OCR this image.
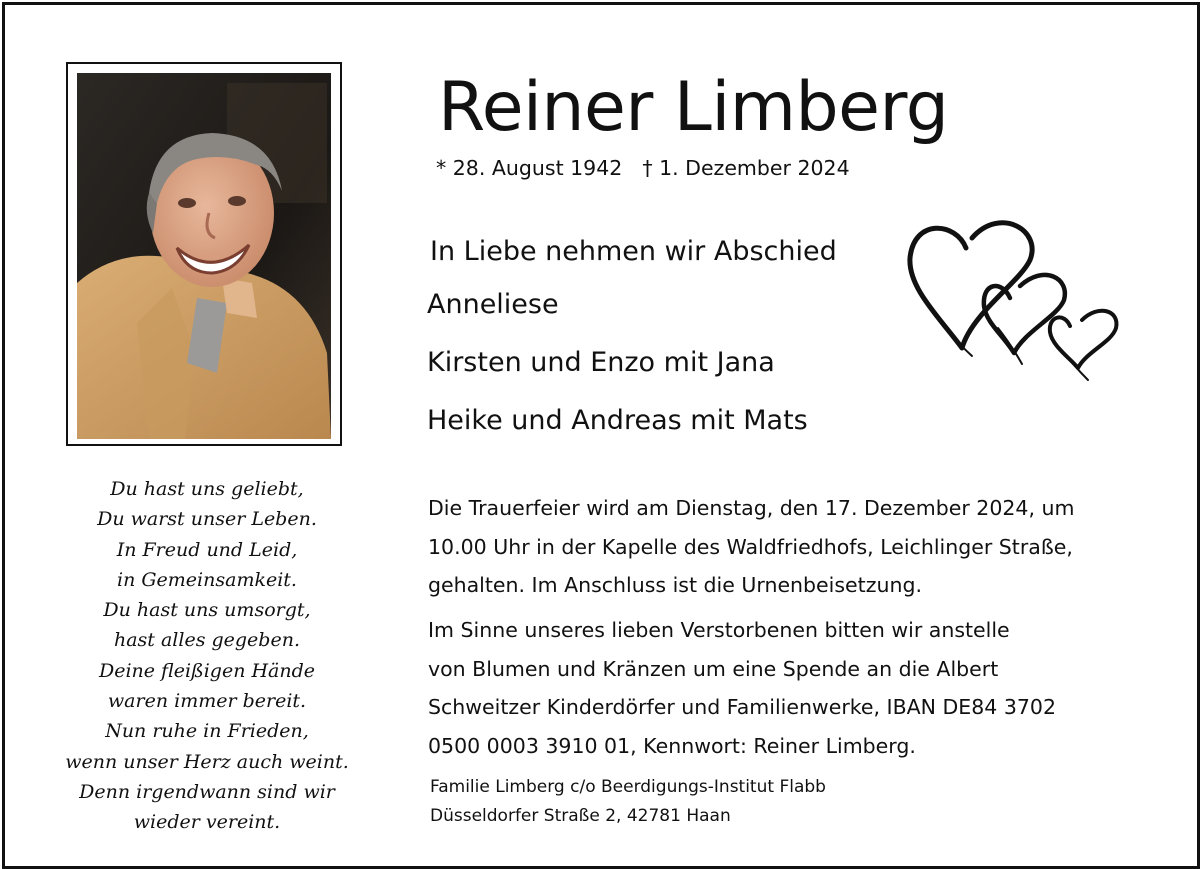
Reiner Limberg
* 28. August 1942 † 1. Dezember 2024
In Liebe nehmen wir Abschied
Anneliese
Kirsten und Enzo mit Jana
Heike und Andreas mit Mats
Du hast uns geliebt,
Du warst unser Leben.
In Freud und Leid,
in Gemeinsamkeit.
Du hast uns umsorgt,
hast alles gegeben.
Deine fleißigen Hände
waren immer bereit.
Nun ruhe in Frieden,
wenn unser Herz auch weint.
Denn irgendwann sind wir
wieder vereint.
Die Trauerfeier wird am Dienstag, den 17. Dezember 2024, um
10.00 Uhr in der Kapelle des Waldfriedhofs, Leichlinger Straße,
gehalten. Im Anschluss ist die Urnenbeisetzung.
Im Sinne unseres lieben Verstorbenen bitten wir anstelle
von Blumen und Kränzen um eine Spende an die Albert
Schweitzer Kinderdörfer und Familienwerke, IBAN DE84 3702
0500 0003 3910 01, Kennwort: Reiner Limberg.
Familie Limberg c/o Beerdigungs-Institut Flabb
Düsseldorfer Straße 2, 42781 Haan
